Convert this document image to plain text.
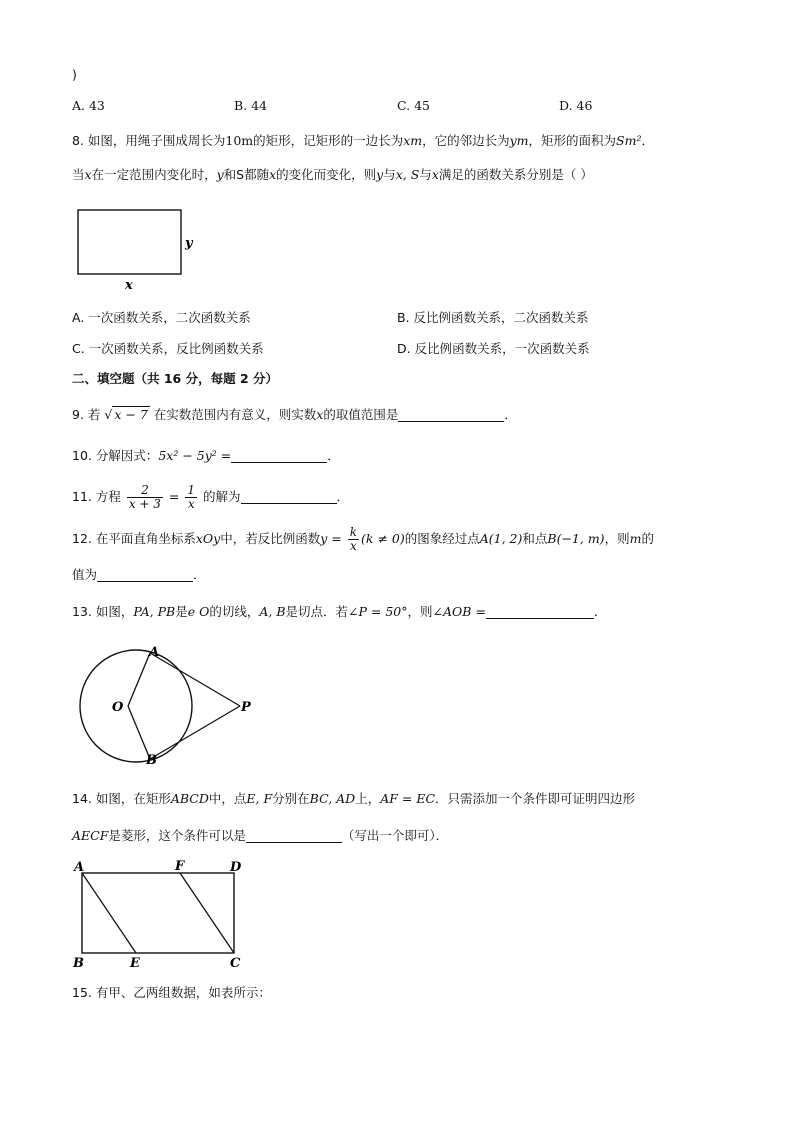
)
A. 43	B. 44	C. 45	D. 46
8. 如图，用绳子围成周长为10m的矩形，记矩形的一边长为xm，它的邻边长为ym，矩形的面积为Sm²．
当x在一定范围内变化时，y和S都随x的变化而变化，则y与x, S与x满足的函数关系分别是（ ）
y
x
A. 一次函数关系，二次函数关系	B. 反比例函数关系，二次函数关系
C. 一次函数关系，反比例函数关系	D. 反比例函数关系，一次函数关系
二、填空题（共 16 分，每题 2 分）
9. 若 √ x − 7 在实数范围内有意义，则实数x的取值范围是	．
10. 分解因式：5x² − 5y² =	．
11. 方程 $\frac{2}{x + 3} = \frac{1}{x}$ 的解为	．
12. 在平面直角坐标系xOy中，若反比例函数$y = \frac{k}{x} (k \ne 0)$的图象经过点A(1, 2)和点B(−1, m)，则m的
值为	．
13. 如图，PA, PB是e O的切线，A, B是切点．若∠P = 50°，则∠AOB =	．
A
O	P
B
14. 如图，在矩形ABCD中，点E, F分别在BC, AD上，AF = EC．只需添加一个条件即可证明四边形
AECF是菱形，这个条件可以是	（写出一个即可）．
A	F	D
B	E	C
15. 有甲、乙两组数据，如表所示：
